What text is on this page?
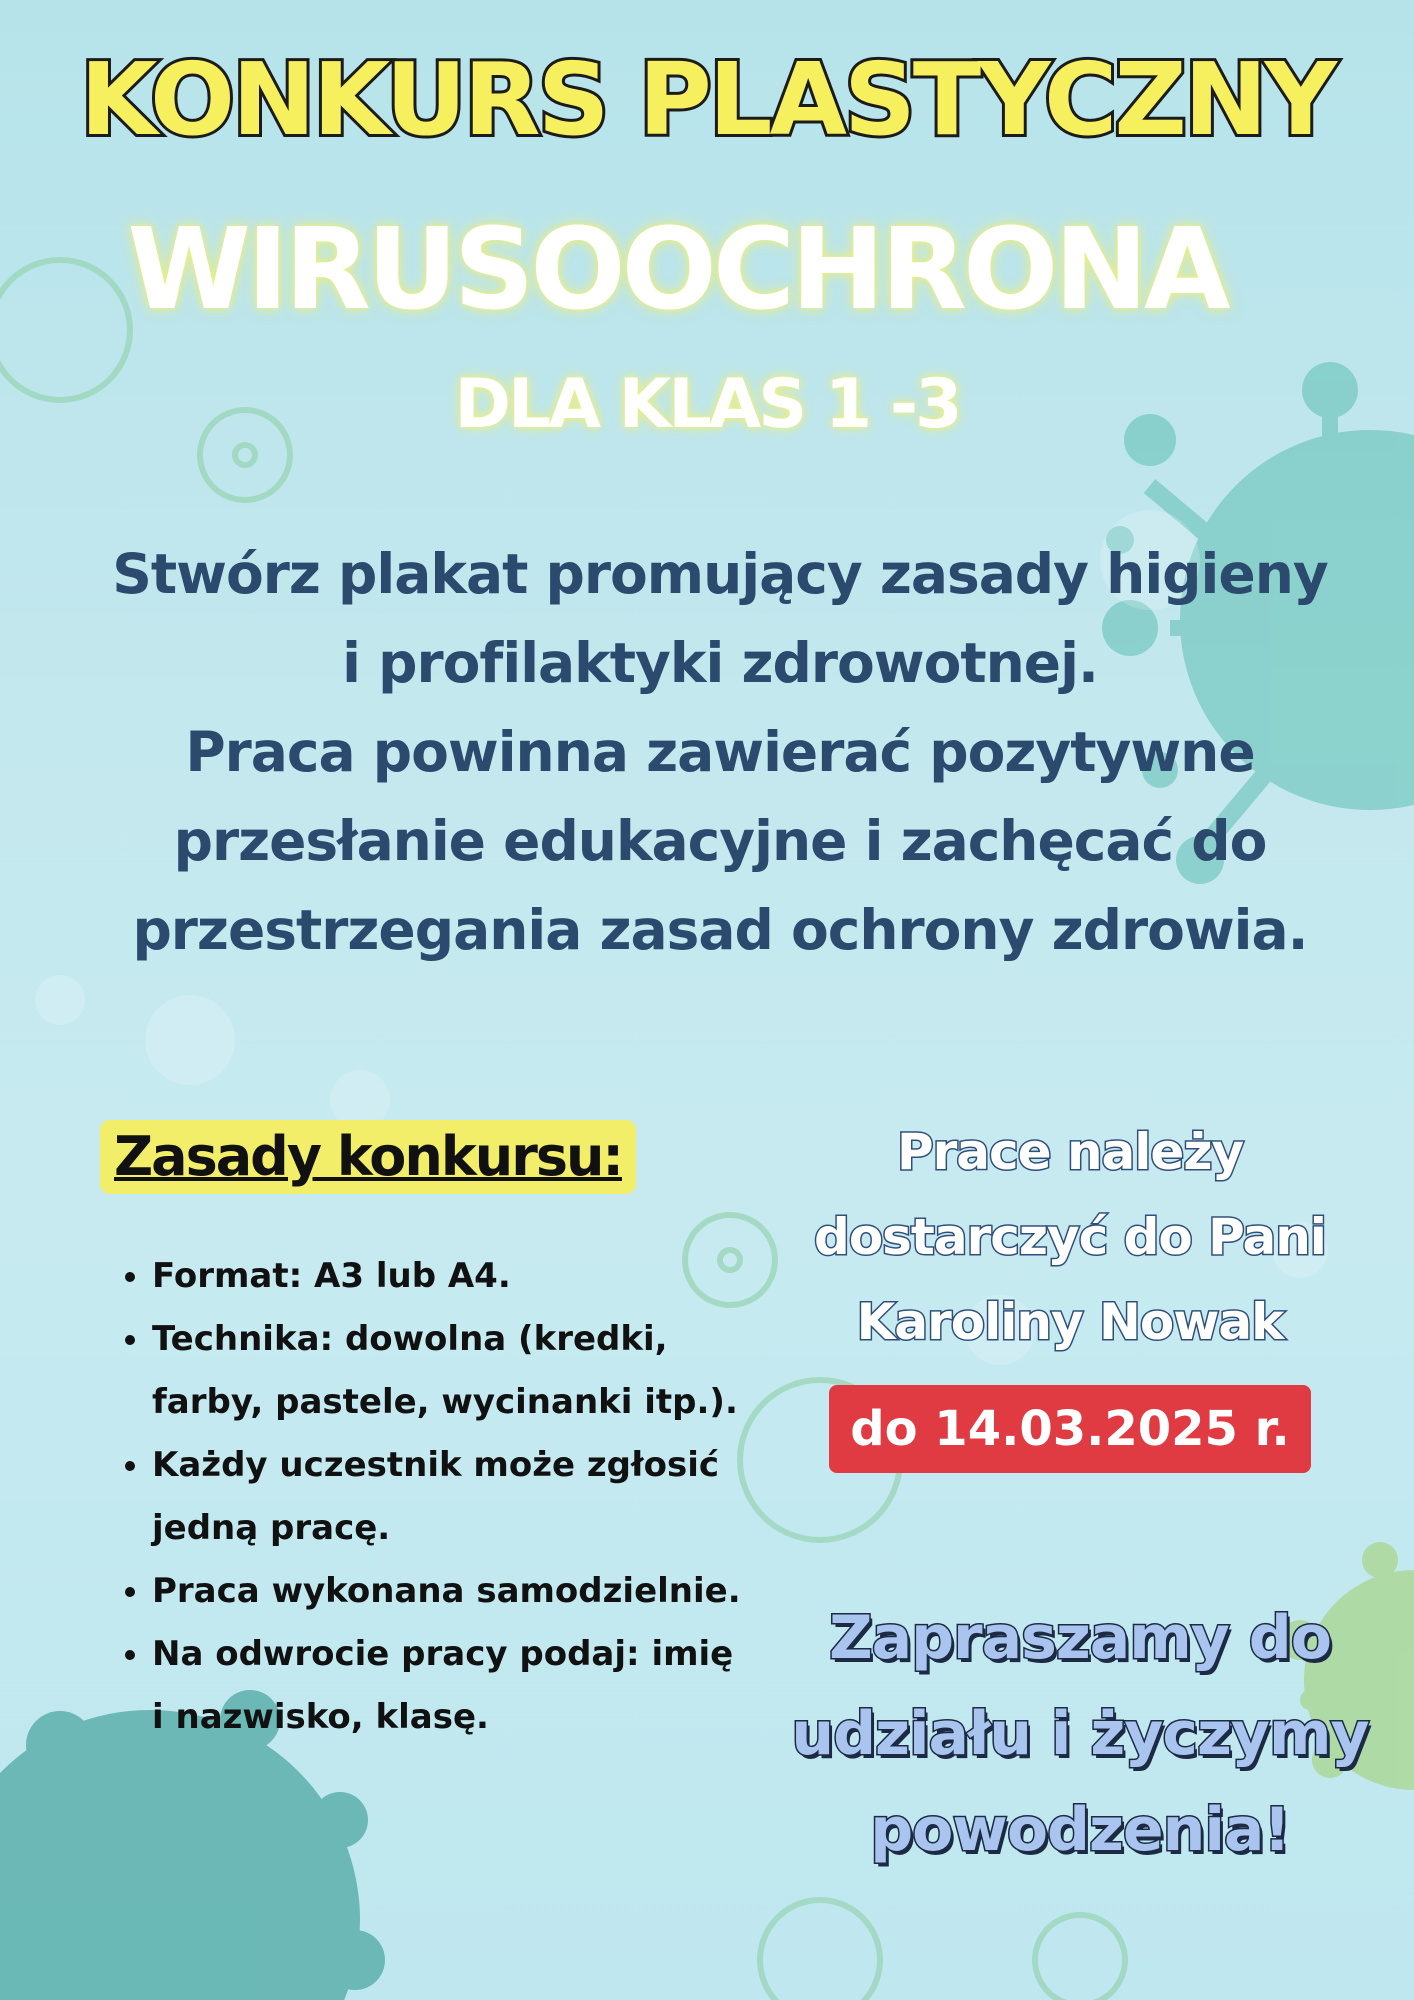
KONKURS PLASTYCZNY
WIRUSOOCHRONA
DLA KLAS 1 -3

Stwórz plakat promujący zasady higieny

i profilaktyki zdrowotnej.

Praca powinna zawierać pozytywne

przesłanie edukacyjne i zachęcać do

przestrzegania zasad ochrony zdrowia.

Zasady konkursu:
• Format: A3 lub A4.
• Technika: dowolna (kredki, farby, pastele, wycinanki itp.).
• Każdy uczestnik może zgłosić jedną pracę.
• Praca wykonana samodzielnie.
• Na odwrocie pracy podaj: imię i nazwisko, klasę.

Prace należy

dostarczyć do Pani

Karoliny Nowak

do 14.03.2025 r.

Zapraszamy do

udziału i życzymy

powodzenia!
